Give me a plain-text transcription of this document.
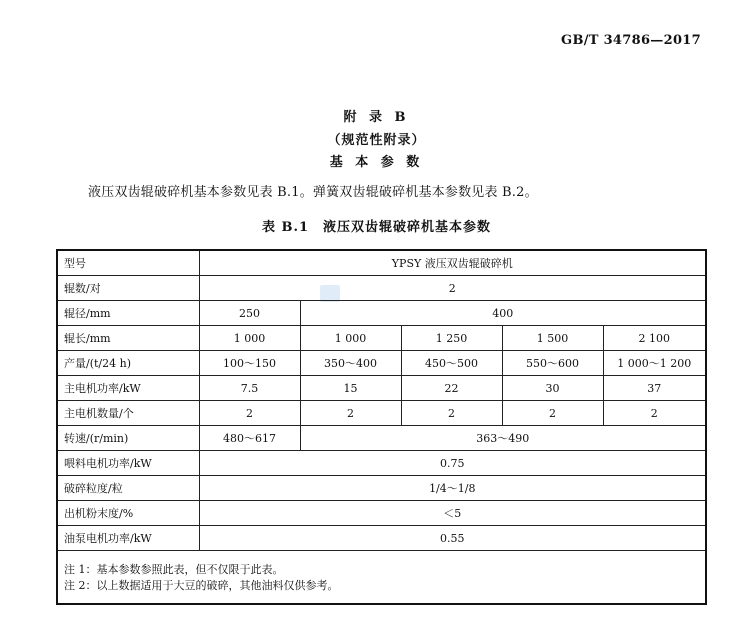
GB/T 34786—2017
附 录 B
（规范性附录）
基 本 参 数
液压双齿辊破碎机基本参数见表 B.1。弹簧双齿辊破碎机基本参数见表 B.2。
表 B.1　液压双齿辊破碎机基本参数
型号	YPSY 液压双齿辊破碎机				
辊数/对	2				
辊径/mm	250	400			
辊长/mm	1 000	1 000	1 250	1 500	2 100
产量/(t/24 h)	100～150	350～400	450～500	550～600	1 000～1 200
主电机功率/kW	7.5	15	22	30	37
主电机数量/个	2	2	2	2	2
转速/(r/min)	480～617	363～490			
喂料电机功率/kW	0.75				
破碎粒度/粒	1/4～1/8				
出机粉末度/%	＜5				
油泵电机功率/kW	0.55				
注 1：基本参数参照此表，但不仅限于此表。					
注 2：以上数据适用于大豆的破碎，其他油料仅供参考。					
